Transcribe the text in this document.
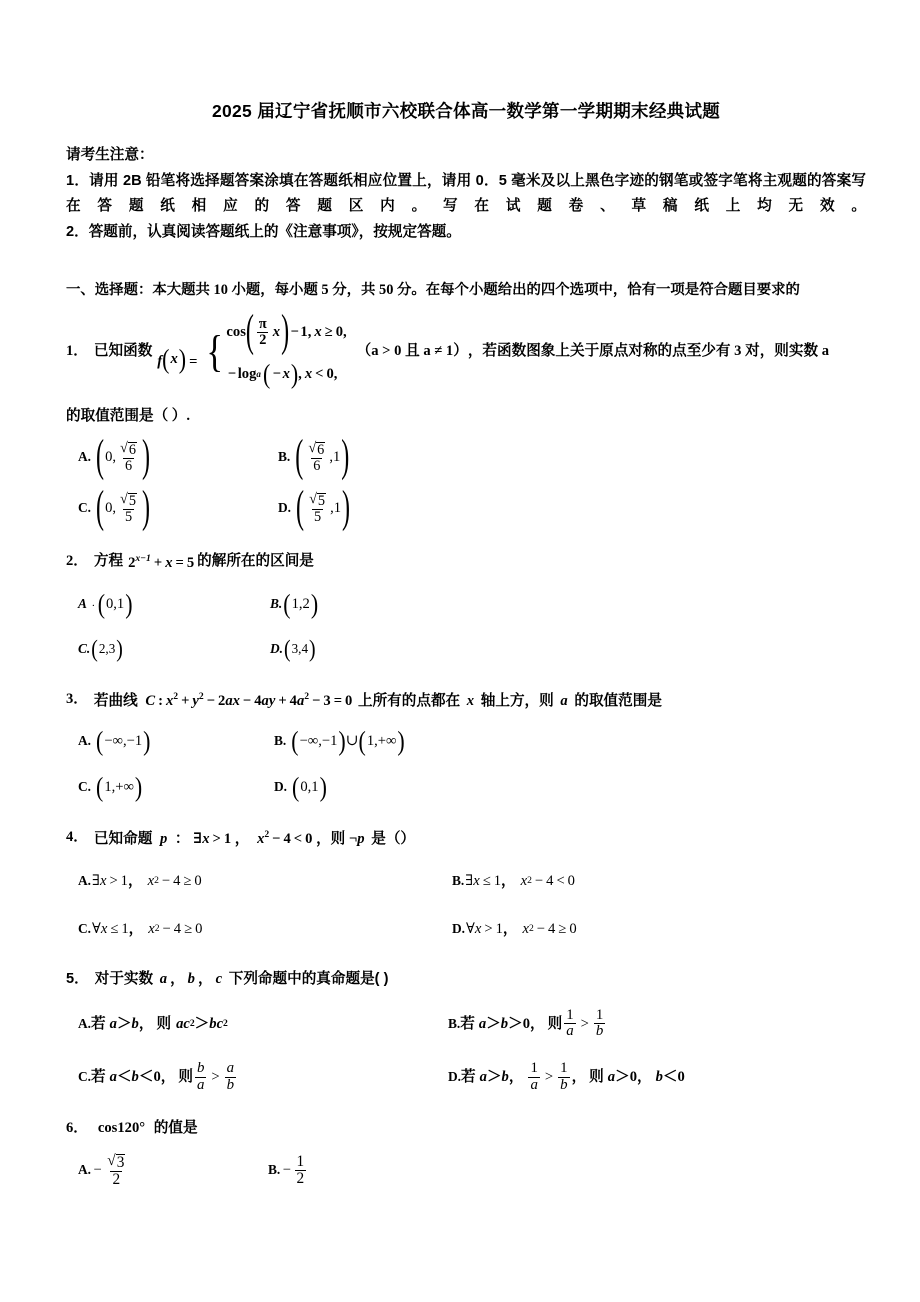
2025 届辽宁省抚顺市六校联合体高一数学第一学期期末经典试题
请考生注意：
1．请用 2B 铅笔将选择题答案涂填在答题纸相应位置上，请用 0．5 毫米及以上黑色字迹的钢笔或签字笔将主观题的答案写在答题纸相应的答题区内。写在试题卷、草稿纸上均无效。
2．答题前，认真阅读答题纸上的《注意事项》，按规定答题。
一、选择题：本大题共 10 小题，每小题 5 分，共 50 分。在每个小题给出的四个选项中，恰有一项是符合题目要求的
1． 已知函数
f ( x ) = { cos ( $\frac{\pi}{2}$ x ) − 1 , x ≥ 0,
− log a ( − x ) , x < 0,
（a > 0 且 a ≠ 1） ，若函数图象上关于原点对称的点至少有 3 对，则实数 a
的取值范围是（ ）.
A. ( 0, $\frac{√ 6}{6}$ )	B. ( $\frac{√ 6}{6} ,1$ )
C. ( 0, $\frac{√ 5}{5}$ )	D. ( $\frac{√ 5}{5} ,1$ )
2． 方程 $2^{x-1} + x = 5$ 的解所在的区间是
A . ( 0,1 )	B. ( 1,2 )
C. ( 2,3 )	D. ( 3,4 )
3． 若曲线 C : $x^2 + y^2 - 2ax - 4ay + 4a^2 - 3 = 0$ 上所有的点都在 x 轴上方，则 a 的取值范围是
A. ( −∞,−1 )	B. ( −∞,−1 ) ∪ ( 1,+∞ )
C. ( 1,+∞ )	D. ( 0,1 )
4． 已知命题 p ： ∃x > 1 ， $x^2 - 4 < 0$ ，则 ¬p 是（）
A. ∃ x > 1 ， x 2 − 4 ≥ 0	B. ∃ x ≤ 1 ， x 2 − 4 < 0
C. ∀ x ≤ 1 ， x 2 − 4 ≥ 0	D. ∀ x > 1 ， x 2 − 4 ≥ 0
5． 对于实数 a ， b ， c 下列命题中的真命题是( )
A. 若 a ＞ b ， 则 ac 2 ＞ bc 2	B. 若 a ＞ b ＞ 0 ， 则 $\frac{1}{a} > \frac{1}{b}$
C. 若 a ＜ b ＜ 0 ， 则 $\frac{b}{a} > \frac{a}{b}$	D. 若 a ＞ b ， $\frac{1}{a} > \frac{1}{b}$ ， 则 a ＞ 0 ， b ＜ 0
6． cos120° 的值是
A. − $\frac{√ 3}{2}$	B. − $\frac{1}{2}$
